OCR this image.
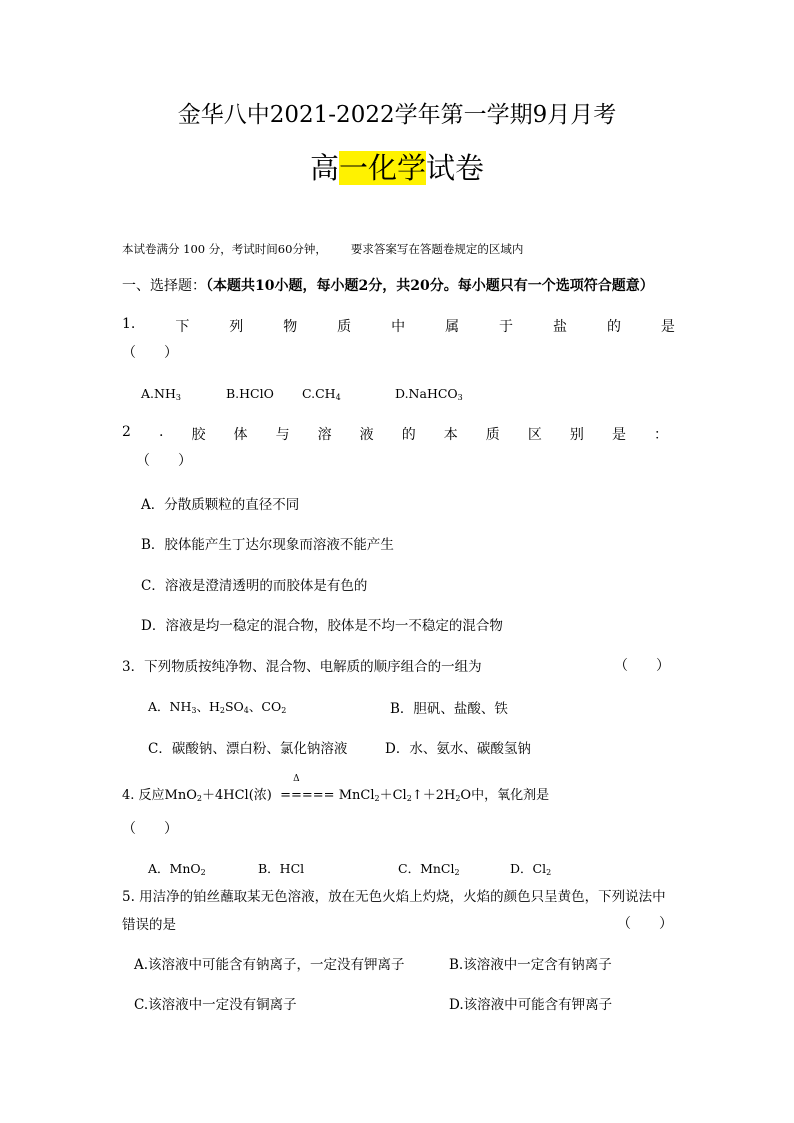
金华八中2021-2022学年第一学期9月月考
高一化学试卷
本试卷满分 100 分，考试时间60分钟， 要求答案写在答题卷规定的区域内
一、选择题：（本题共10小题，每小题2分，共20分。每小题只有一个选项符合题意）
1.	下	列	物	质	中	属	于	盐	的	是
（　　）
$A.NH_3$	B.HClO $C.CH_4$	D.NaHCO$_3$
2 . 胶 体 与 溶 液 的 本 质 区 别 是 ：
（　　）
A．分散质颗粒的直径不同
B．胶体能产生丁达尔现象而溶液不能产生
C．溶液是澄清透明的而胶体是有色的
D．溶液是均一稳定的混合物，胶体是不均一不稳定的混合物
3．下列物质按纯净物、混合物、电解质的顺序组合的一组为	（　　）
A．$NH_3$、$H_2SO_4$、$CO_2$	B．胆矾、盐酸、铁
C．碳酸钠、漂白粉、氯化钠溶液	D．水、氨水、碳酸氢钠
4. 反应MnO$_2$＋4HCl(浓)
Δ
===== $MnCl_2+Cl_2↑+2H_2O$中，氧化剂是
（　　）
A．MnO$_2$	B．HCl	C．MnCl$_2$	D．$Cl_2$
5. 用洁净的铂丝蘸取某无色溶液，放在无色火焰上灼烧，火焰的颜色只呈黄色，下列说法中
错误的是	（　　）
A.该溶液中可能含有钠离子，一定没有钾离子	B.该溶液中一定含有钠离子
C.该溶液中一定没有铜离子	D.该溶液中可能含有钾离子
